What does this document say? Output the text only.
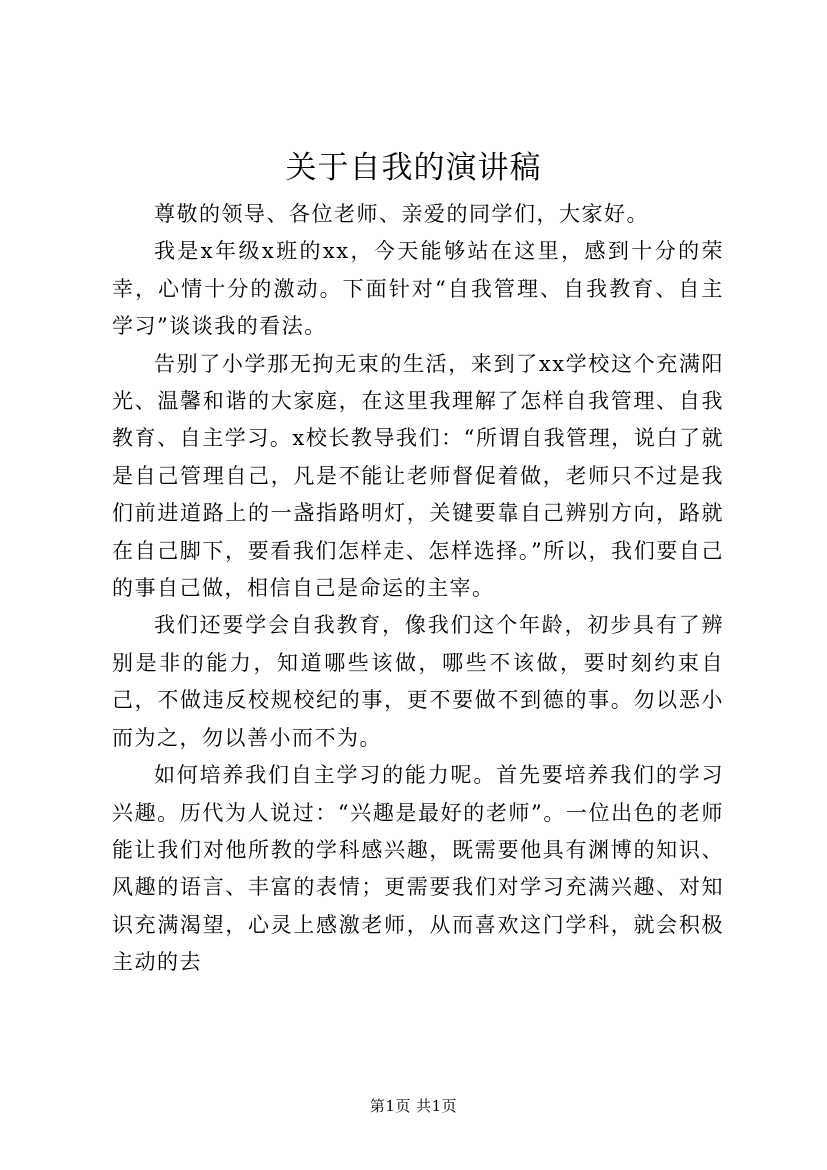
关于自我的演讲稿

尊敬的领导、各位老师、亲爱的同学们，大家好。

我是x年级x班的xx，今天能够站在这里，感到十分的荣幸，心情十分的激动。下面针对“自我管理、自我教育、自主学习”谈谈我的看法。

告别了小学那无拘无束的生活，来到了xx学校这个充满阳光、温馨和谐的大家庭，在这里我理解了怎样自我管理、自我教育、自主学习。x校长教导我们：“所谓自我管理，说白了就是自己管理自己，凡是不能让老师督促着做，老师只不过是我们前进道路上的一盏指路明灯，关键要靠自己辨别方向，路就在自己脚下，要看我们怎样走、怎样选择。”所以，我们要自己的事自己做，相信自己是命运的主宰。

我们还要学会自我教育，像我们这个年龄，初步具有了辨别是非的能力，知道哪些该做，哪些不该做，要时刻约束自己，不做违反校规校纪的事，更不要做不到德的事。勿以恶小而为之，勿以善小而不为。

如何培养我们自主学习的能力呢。首先要培养我们的学习兴趣。历代为人说过：“兴趣是最好的老师”。一位出色的老师能让我们对他所教的学科感兴趣，既需要他具有渊博的知识、风趣的语言、丰富的表情；更需要我们对学习充满兴趣、对知识充满渴望，心灵上感激老师，从而喜欢这门学科，就会积极主动的去

第1页 共1页
